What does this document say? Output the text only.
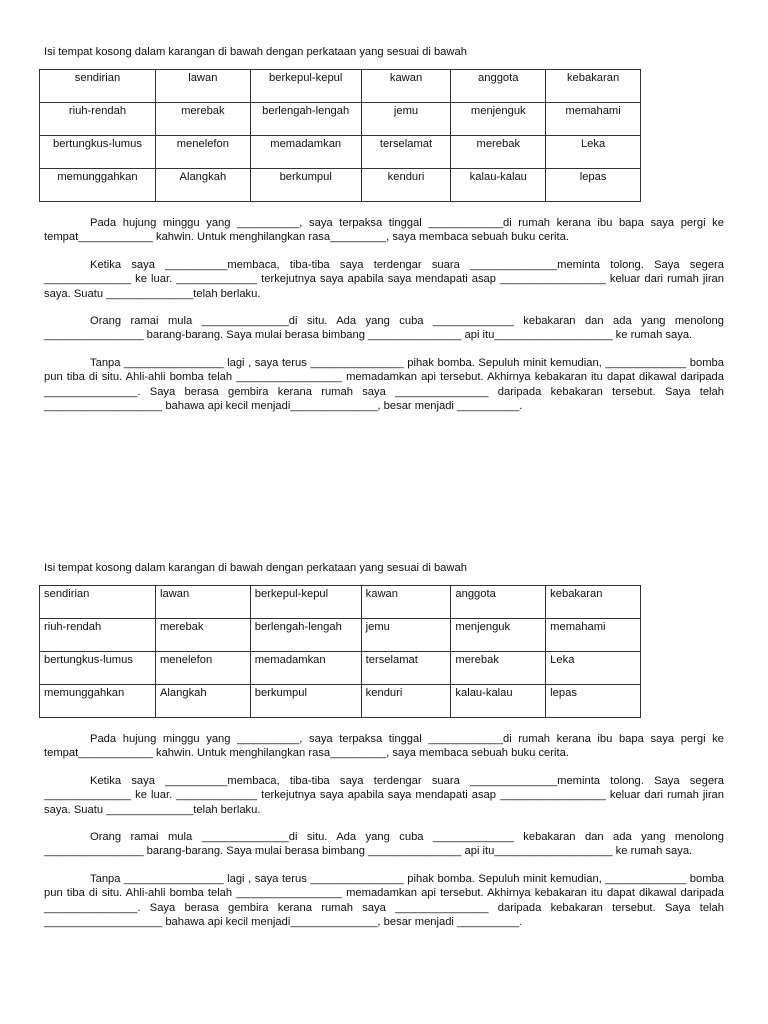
Isi tempat kosong dalam karangan di bawah dengan perkataan yang sesuai di bawah

sendirian	lawan	berkepul-kepul	kawan	anggota	kebakaran
riuh-rendah	merebak	berlengah-lengah	jemu	menjenguk	memahami
bertungkus-lumus	menelefon	memadamkan	terselamat	merebak	Leka
memunggahkan	Alangkah	berkumpul	kenduri	kalau-kalau	lepas

Pada hujung minggu yang __________, saya terpaksa tinggal ____________di rumah kerana ibu bapa saya pergi ke tempat____________ kahwin. Untuk menghilangkan rasa_________, saya membaca sebuah buku cerita.

Ketika saya __________membaca, tiba-tiba saya terdengar suara ______________meminta tolong. Saya segera ______________ ke luar. _____________ terkejutnya saya apabila saya mendapati asap _________________ keluar dari rumah jiran saya. Suatu ______________telah berlaku.

Orang ramai mula ______________di situ. Ada yang cuba _____________ kebakaran dan ada yang menolong ________________ barang-barang. Saya mulai berasa bimbang _______________ api itu___________________ ke rumah saya.

Tanpa ________________ lagi , saya terus _______________ pihak bomba. Sepuluh minit kemudian, _____________ bomba pun tiba di situ. Ahli-ahli bomba telah _________________ memadamkan api tersebut. Akhirnya kebakaran itu dapat dikawal daripada _______________. Saya berasa gembira kerana rumah saya _______________ daripada kebakaran tersebut. Saya telah ___________________ bahawa api kecil menjadi______________, besar menjadi __________.

Isi tempat kosong dalam karangan di bawah dengan perkataan yang sesuai di bawah

sendirian	lawan	berkepul-kepul	kawan	anggota	kebakaran
riuh-rendah	merebak	berlengah-lengah	jemu	menjenguk	memahami
bertungkus-lumus	menelefon	memadamkan	terselamat	merebak	Leka
memunggahkan	Alangkah	berkumpul	kenduri	kalau-kalau	lepas

Pada hujung minggu yang __________, saya terpaksa tinggal ____________di rumah kerana ibu bapa saya pergi ke tempat____________ kahwin. Untuk menghilangkan rasa_________, saya membaca sebuah buku cerita.

Ketika saya __________membaca, tiba-tiba saya terdengar suara ______________meminta tolong. Saya segera ______________ ke luar. _____________ terkejutnya saya apabila saya mendapati asap _________________ keluar dari rumah jiran saya. Suatu ______________telah berlaku.

Orang ramai mula ______________di situ. Ada yang cuba _____________ kebakaran dan ada yang menolong ________________ barang-barang. Saya mulai berasa bimbang _______________ api itu___________________ ke rumah saya.

Tanpa ________________ lagi , saya terus _______________ pihak bomba. Sepuluh minit kemudian, _____________ bomba pun tiba di situ. Ahli-ahli bomba telah _________________ memadamkan api tersebut. Akhirnya kebakaran itu dapat dikawal daripada _______________. Saya berasa gembira kerana rumah saya _______________ daripada kebakaran tersebut. Saya telah ___________________ bahawa api kecil menjadi______________, besar menjadi __________.
